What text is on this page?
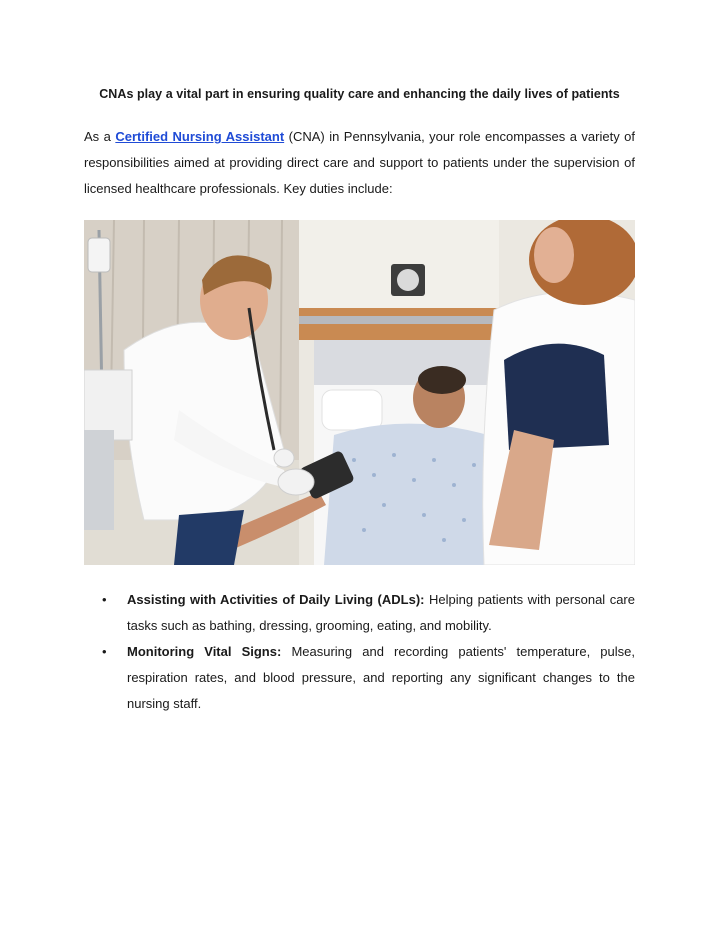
CNAs play a vital part in ensuring quality care and enhancing the daily lives of patients

As a Certified Nursing Assistant (CNA) in Pennsylvania, your role encompasses a variety of responsibilities aimed at providing direct care and support to patients under the supervision of licensed healthcare professionals. Key duties include:

• Assisting with Activities of Daily Living (ADLs): Helping patients with personal care tasks such as bathing, dressing, grooming, eating, and mobility.
• Monitoring Vital Signs: Measuring and recording patients' temperature, pulse, respiration rates, and blood pressure, and reporting any significant changes to the nursing staff.
